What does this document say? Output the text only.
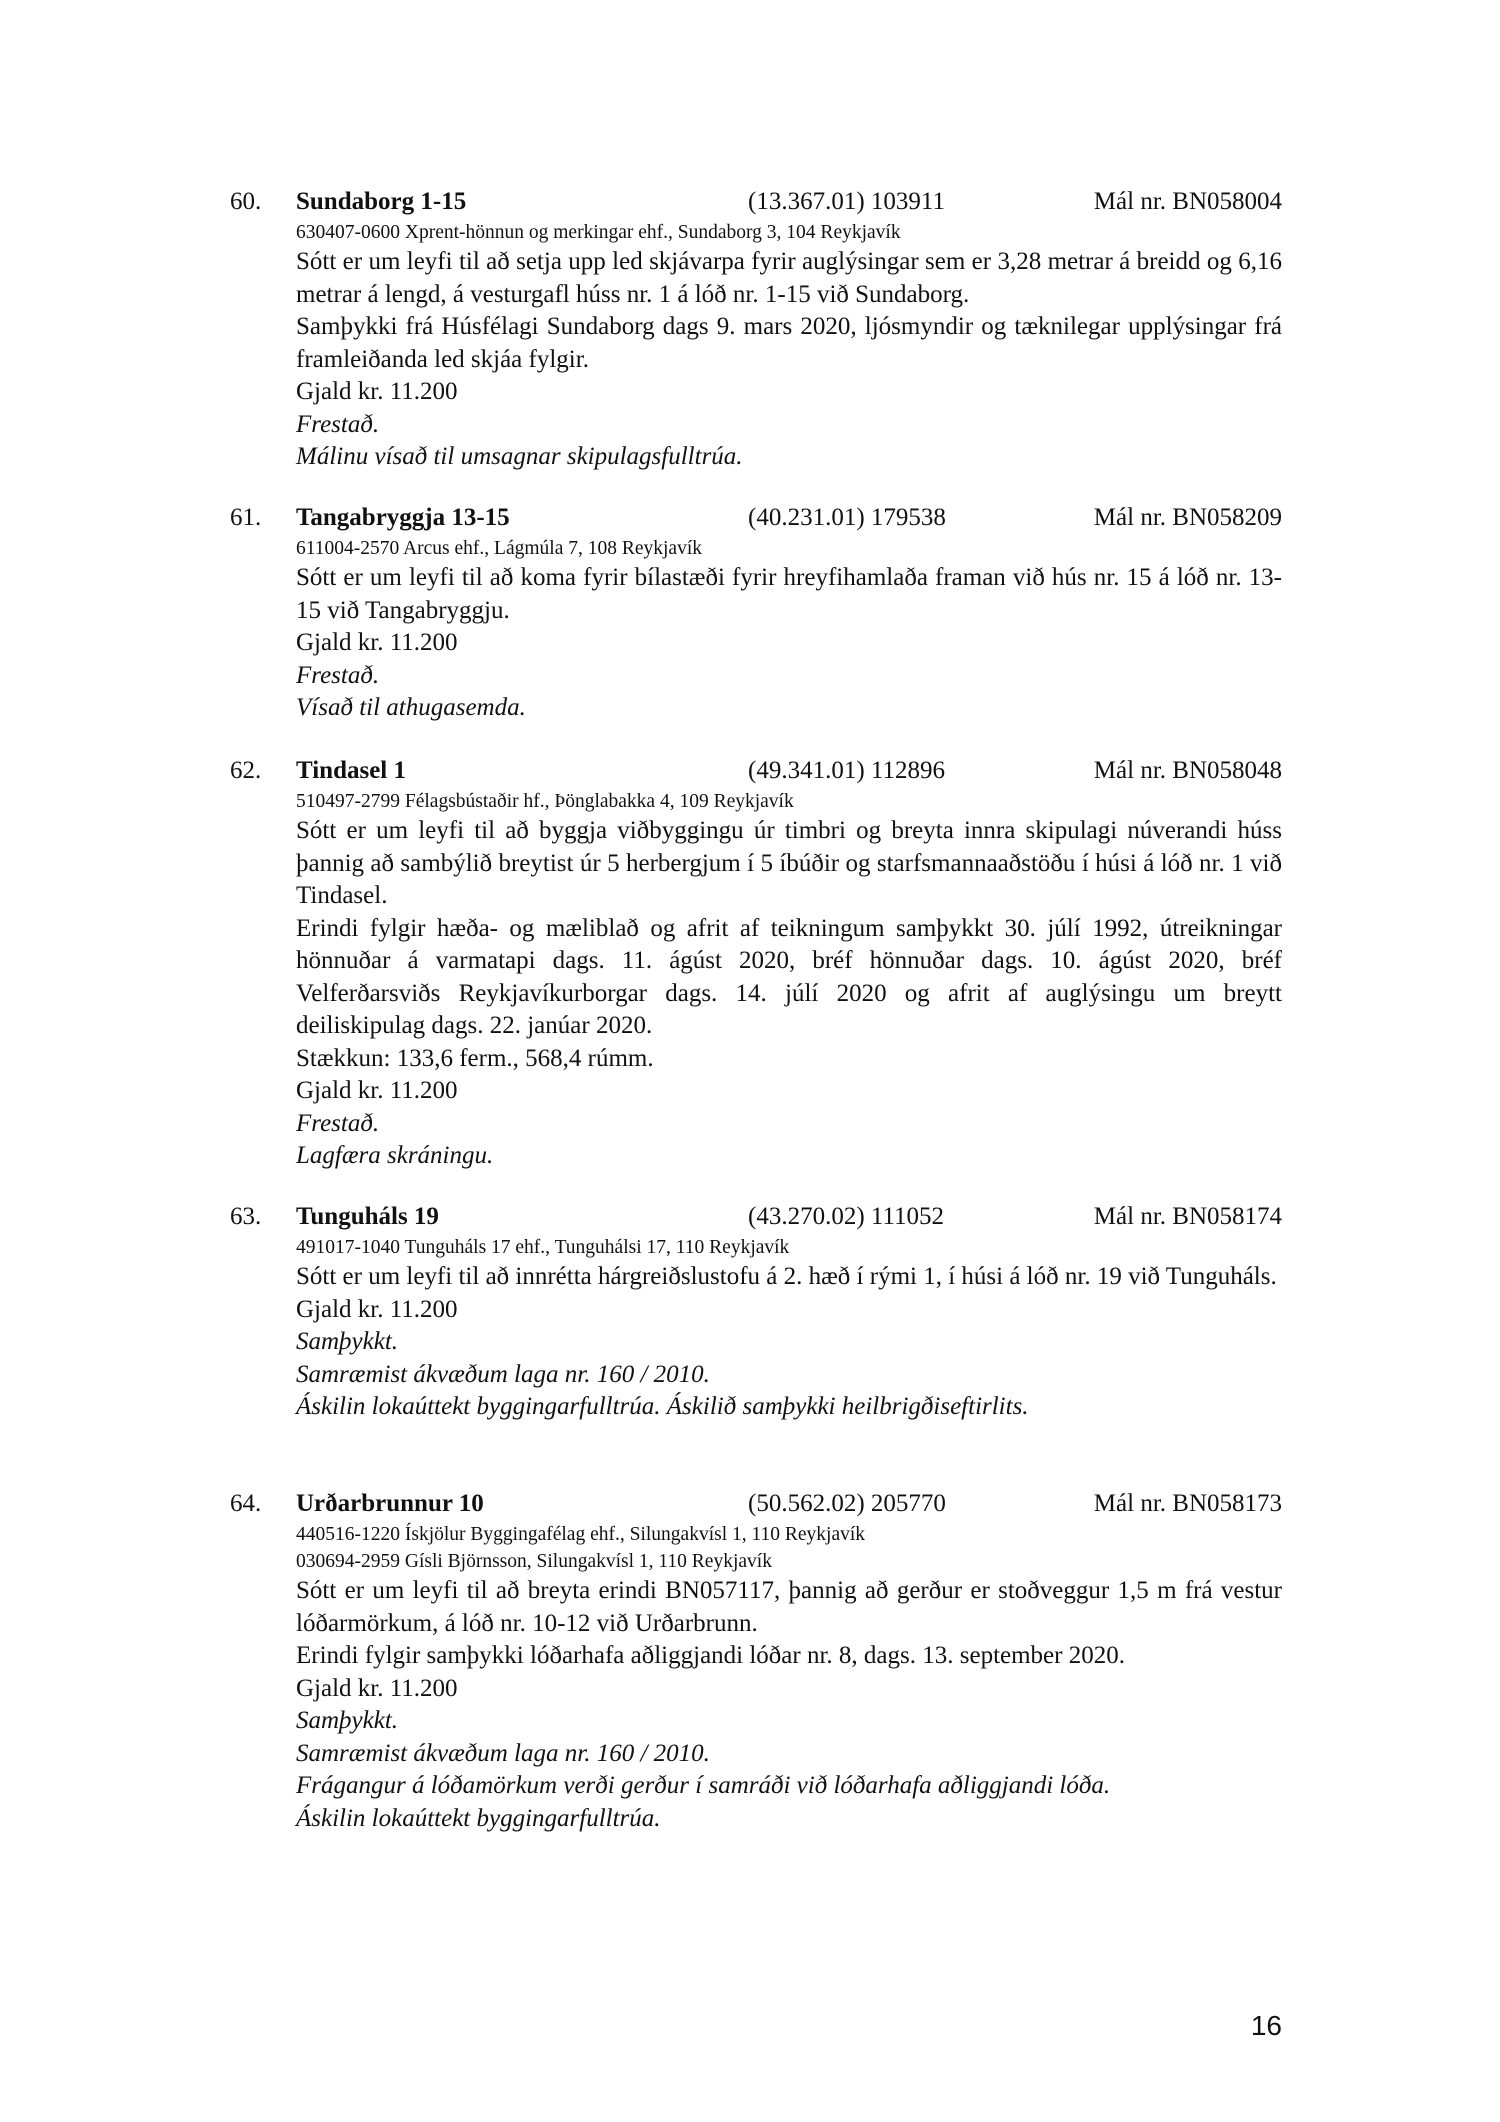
60. Sundaborg 1-15	(13.367.01) 103911	Mál nr. BN058004
630407-0600 Xprent-hönnun og merkingar ehf., Sundaborg 3, 104 Reykjavík
Sótt er um leyfi til að setja upp led skjávarpa fyrir auglýsingar sem er 3,28 metrar á breidd og 6,16 metrar á lengd, á vesturgafl húss nr. 1 á lóð nr. 1-15 við Sundaborg.
Samþykki frá Húsfélagi Sundaborg dags 9. mars 2020, ljósmyndir og tæknilegar upplýsingar frá framleiðanda led skjáa fylgir.
Gjald kr. 11.200
Frestað.
Málinu vísað til umsagnar skipulagsfulltrúa.
61. Tangabryggja 13-15	(40.231.01) 179538	Mál nr. BN058209
611004-2570 Arcus ehf., Lágmúla 7, 108 Reykjavík
Sótt er um leyfi til að koma fyrir bílastæði fyrir hreyfihamlaða framan við hús nr. 15 á lóð nr. 13-15 við Tangabryggju.
Gjald kr. 11.200
Frestað.
Vísað til athugasemda.
62. Tindasel 1	(49.341.01) 112896	Mál nr. BN058048
510497-2799 Félagsbústaðir hf., Þönglabakka 4, 109 Reykjavík
Sótt er um leyfi til að byggja viðbyggingu úr timbri og breyta innra skipulagi núverandi húss þannig að sambýlið breytist úr 5 herbergjum í 5 íbúðir og starfsmannaaðstöðu í húsi á lóð nr. 1 við Tindasel.
Erindi fylgir hæða- og mæliblað og afrit af teikningum samþykkt 30. júlí 1992, útreikningar hönnuðar á varmatapi dags. 11. ágúst 2020, bréf hönnuðar dags. 10. ágúst 2020, bréf Velferðarsviðs Reykjavíkurborgar dags. 14. júlí 2020 og afrit af auglýsingu um breytt deiliskipulag dags. 22. janúar 2020.
Stækkun: 133,6 ferm., 568,4 rúmm.
Gjald kr. 11.200
Frestað.
Lagfæra skráningu.
63. Tunguháls 19	(43.270.02) 111052	Mál nr. BN058174
491017-1040 Tunguháls 17 ehf., Tunguhálsi 17, 110 Reykjavík
Sótt er um leyfi til að innrétta hárgreiðslustofu á 2. hæð í rými 1, í húsi á lóð nr. 19 við Tunguháls.
Gjald kr. 11.200
Samþykkt.
Samræmist ákvæðum laga nr. 160 / 2010.
Áskilin lokaúttekt byggingarfulltrúa. Áskilið samþykki heilbrigðiseftirlits.
64. Urðarbrunnur 10	(50.562.02) 205770	Mál nr. BN058173
440516-1220 Ískjölur Byggingafélag ehf., Silungakvísl 1, 110 Reykjavík
030694-2959 Gísli Björnsson, Silungakvísl 1, 110 Reykjavík
Sótt er um leyfi til að breyta erindi BN057117, þannig að gerður er stoðveggur 1,5 m frá vestur lóðarmörkum, á lóð nr. 10-12 við Urðarbrunn.
Erindi fylgir samþykki lóðarhafa aðliggjandi lóðar nr. 8, dags. 13. september 2020.
Gjald kr. 11.200
Samþykkt.
Samræmist ákvæðum laga nr. 160 / 2010.
Frágangur á lóðamörkum verði gerður í samráði við lóðarhafa aðliggjandi lóða.
Áskilin lokaúttekt byggingarfulltrúa.
16
